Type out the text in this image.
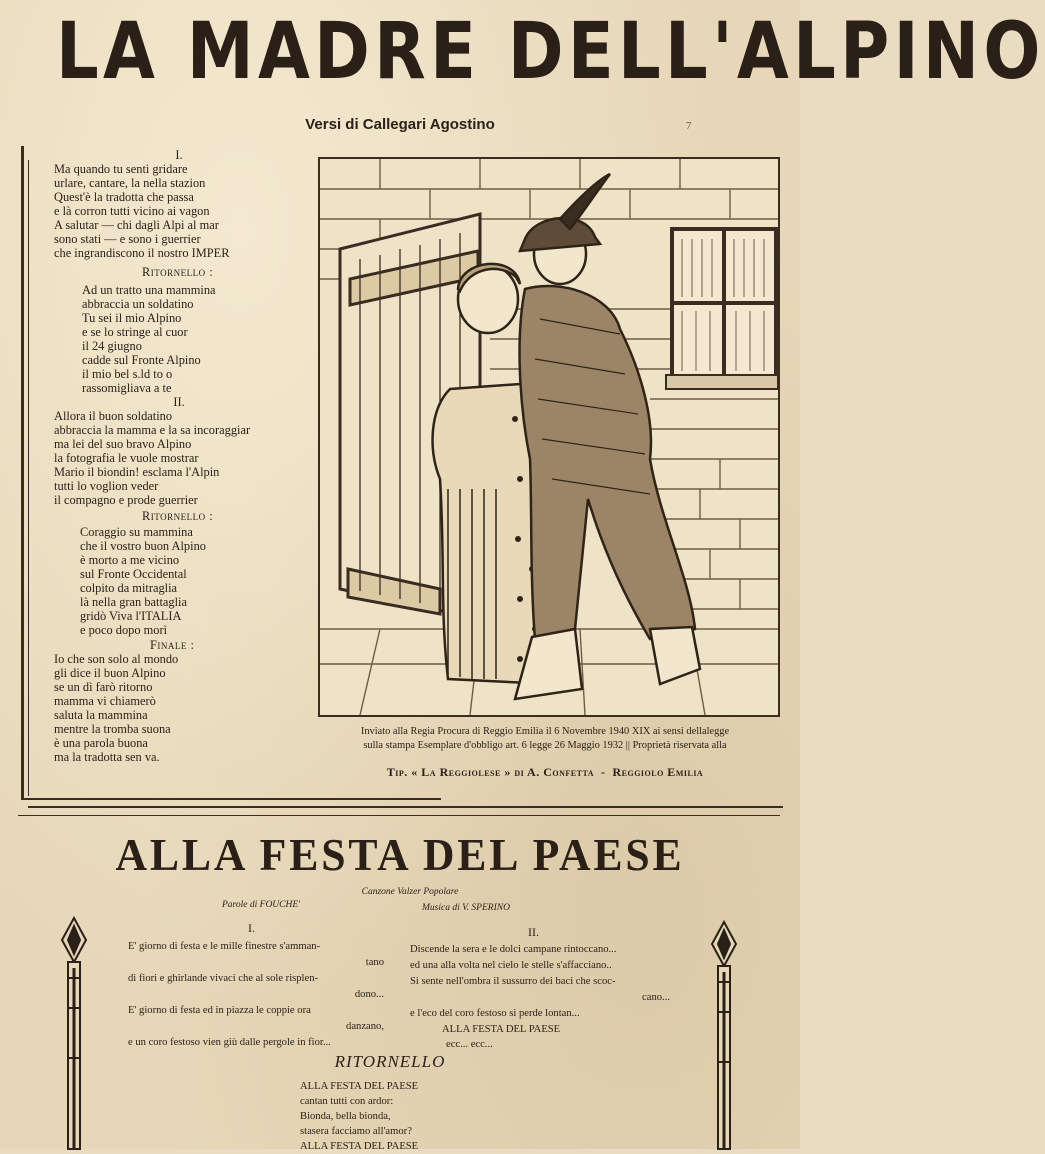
LA MADRE DELL'ALPINO
Versi di Callegari Agostino	7
I.
Ma quando tu senti gridare
urlare, cantare, la nella stazion
Quest'è la tradotta che passa
e là corron tutti vicino ai vagon
A salutar — chi dagli Alpi al mar
sono stati — e sono i guerrier
che ingrandiscono il nostro IMPER
Ritornello :
Ad un tratto una mammina
abbraccia un soldatino
Tu sei il mio Alpino
e se lo stringe al cuor
il 24 giugno
cadde sul Fronte Alpino
il mio bel s.ld to o
rassomigliava a te
II.
Allora il buon soldatino
abbraccia la mamma e la sa incoraggiar
ma lei del suo bravo Alpino
la fotografia le vuole mostrar
Mario il biondin! esclama l'Alpin
tutti lo voglion veder
il compagno e prode guerrier
Ritornello :
Coraggio su mammina
che il vostro buon Alpino
è morto a me vicino
sul Fronte Occidental
colpito da mitraglia
là nella gran battaglia
gridò Viva l'ITALIA
e poco dopo morì
Finale :
Io che son solo al mondo
gli dice il buon Alpino
se un dì farò ritorno
mamma vi chiamerò
saluta la mammina
mentre la tromba suona
è una parola buona
ma la tradotta sen va.
Inviato alla Regia Procura di Reggio Emilia il 6 Novembre 1940 XIX ai sensi dellalegge
sulla stampa Esemplare d'obbligo art. 6 legge 26 Maggio 1932 || Proprietà riservata alla
Tip. « La Reggiolese » di A. Confetta - Reggiolo Emilia
ALLA FESTA DEL PAESE
Canzone Valzer Popolare
Parole di FOUCHE'	Musica di V. SPERINO
I.	II.
E' giorno di festa e le mille finestre s'amman-
tano
di fiori e ghirlande vivaci che al sole risplen-
dono...
E' giorno di festa ed in piazza le coppie ora
danzano,
e un coro festoso vien giù dalle pergole in fior...
Discende la sera e le dolci campane rintoccano...
ed una alla volta nel cielo le stelle s'affacciano..
Si sente nell'ombra il sussurro dei baci che scoc-
cano...
e l'eco del coro festoso si perde lontan...
ALLA FESTA DEL PAESE
ecc... ecc...
RITORNELLO
ALLA FESTA DEL PAESE
cantan tutti con ardor:
Bionda, bella bionda,
stasera facciamo all'amor?
ALLA FESTA DEL PAESE
